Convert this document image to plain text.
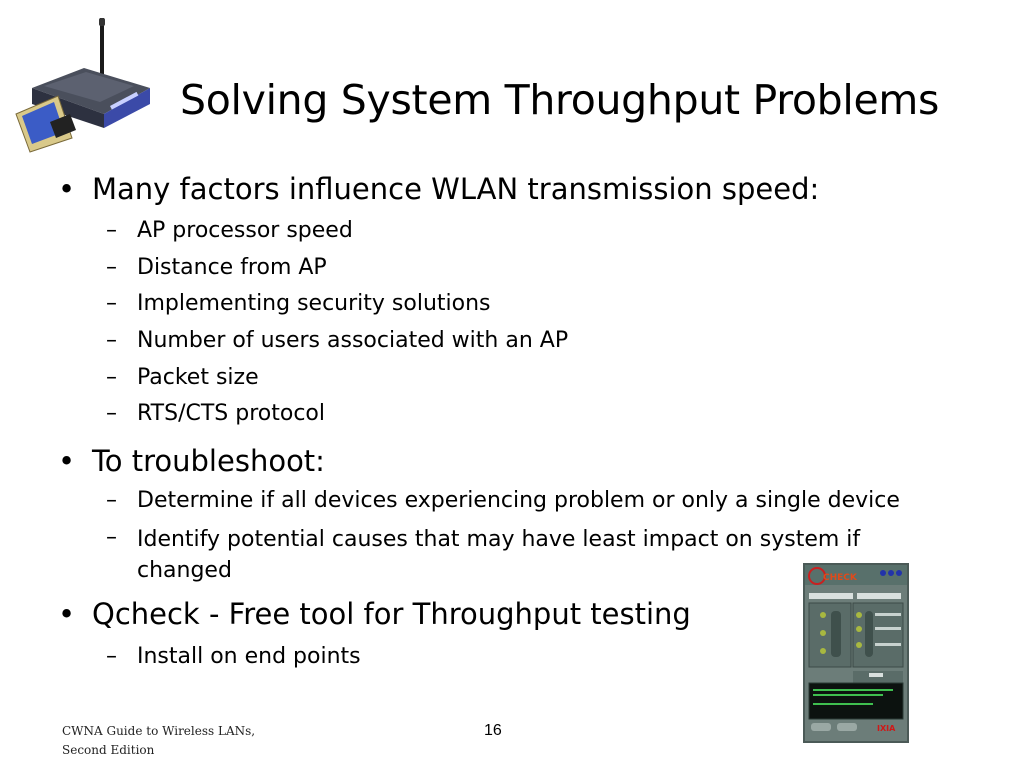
Solving System Throughput Problems
• Many factors influence WLAN transmission speed:
– AP processor speed
– Distance from AP
– Implementing security solutions
– Number of users associated with an AP
– Packet size
– RTS/CTS protocol
• To troubleshoot:
– Determine if all devices experiencing problem or only a single device
– Identify potential causes that may have least impact on system if changed
• Qcheck - Free tool for Throughput testing
– Install on end points
CHECK
IXIA
CWNA Guide to Wireless LANs,
Second Edition
16
